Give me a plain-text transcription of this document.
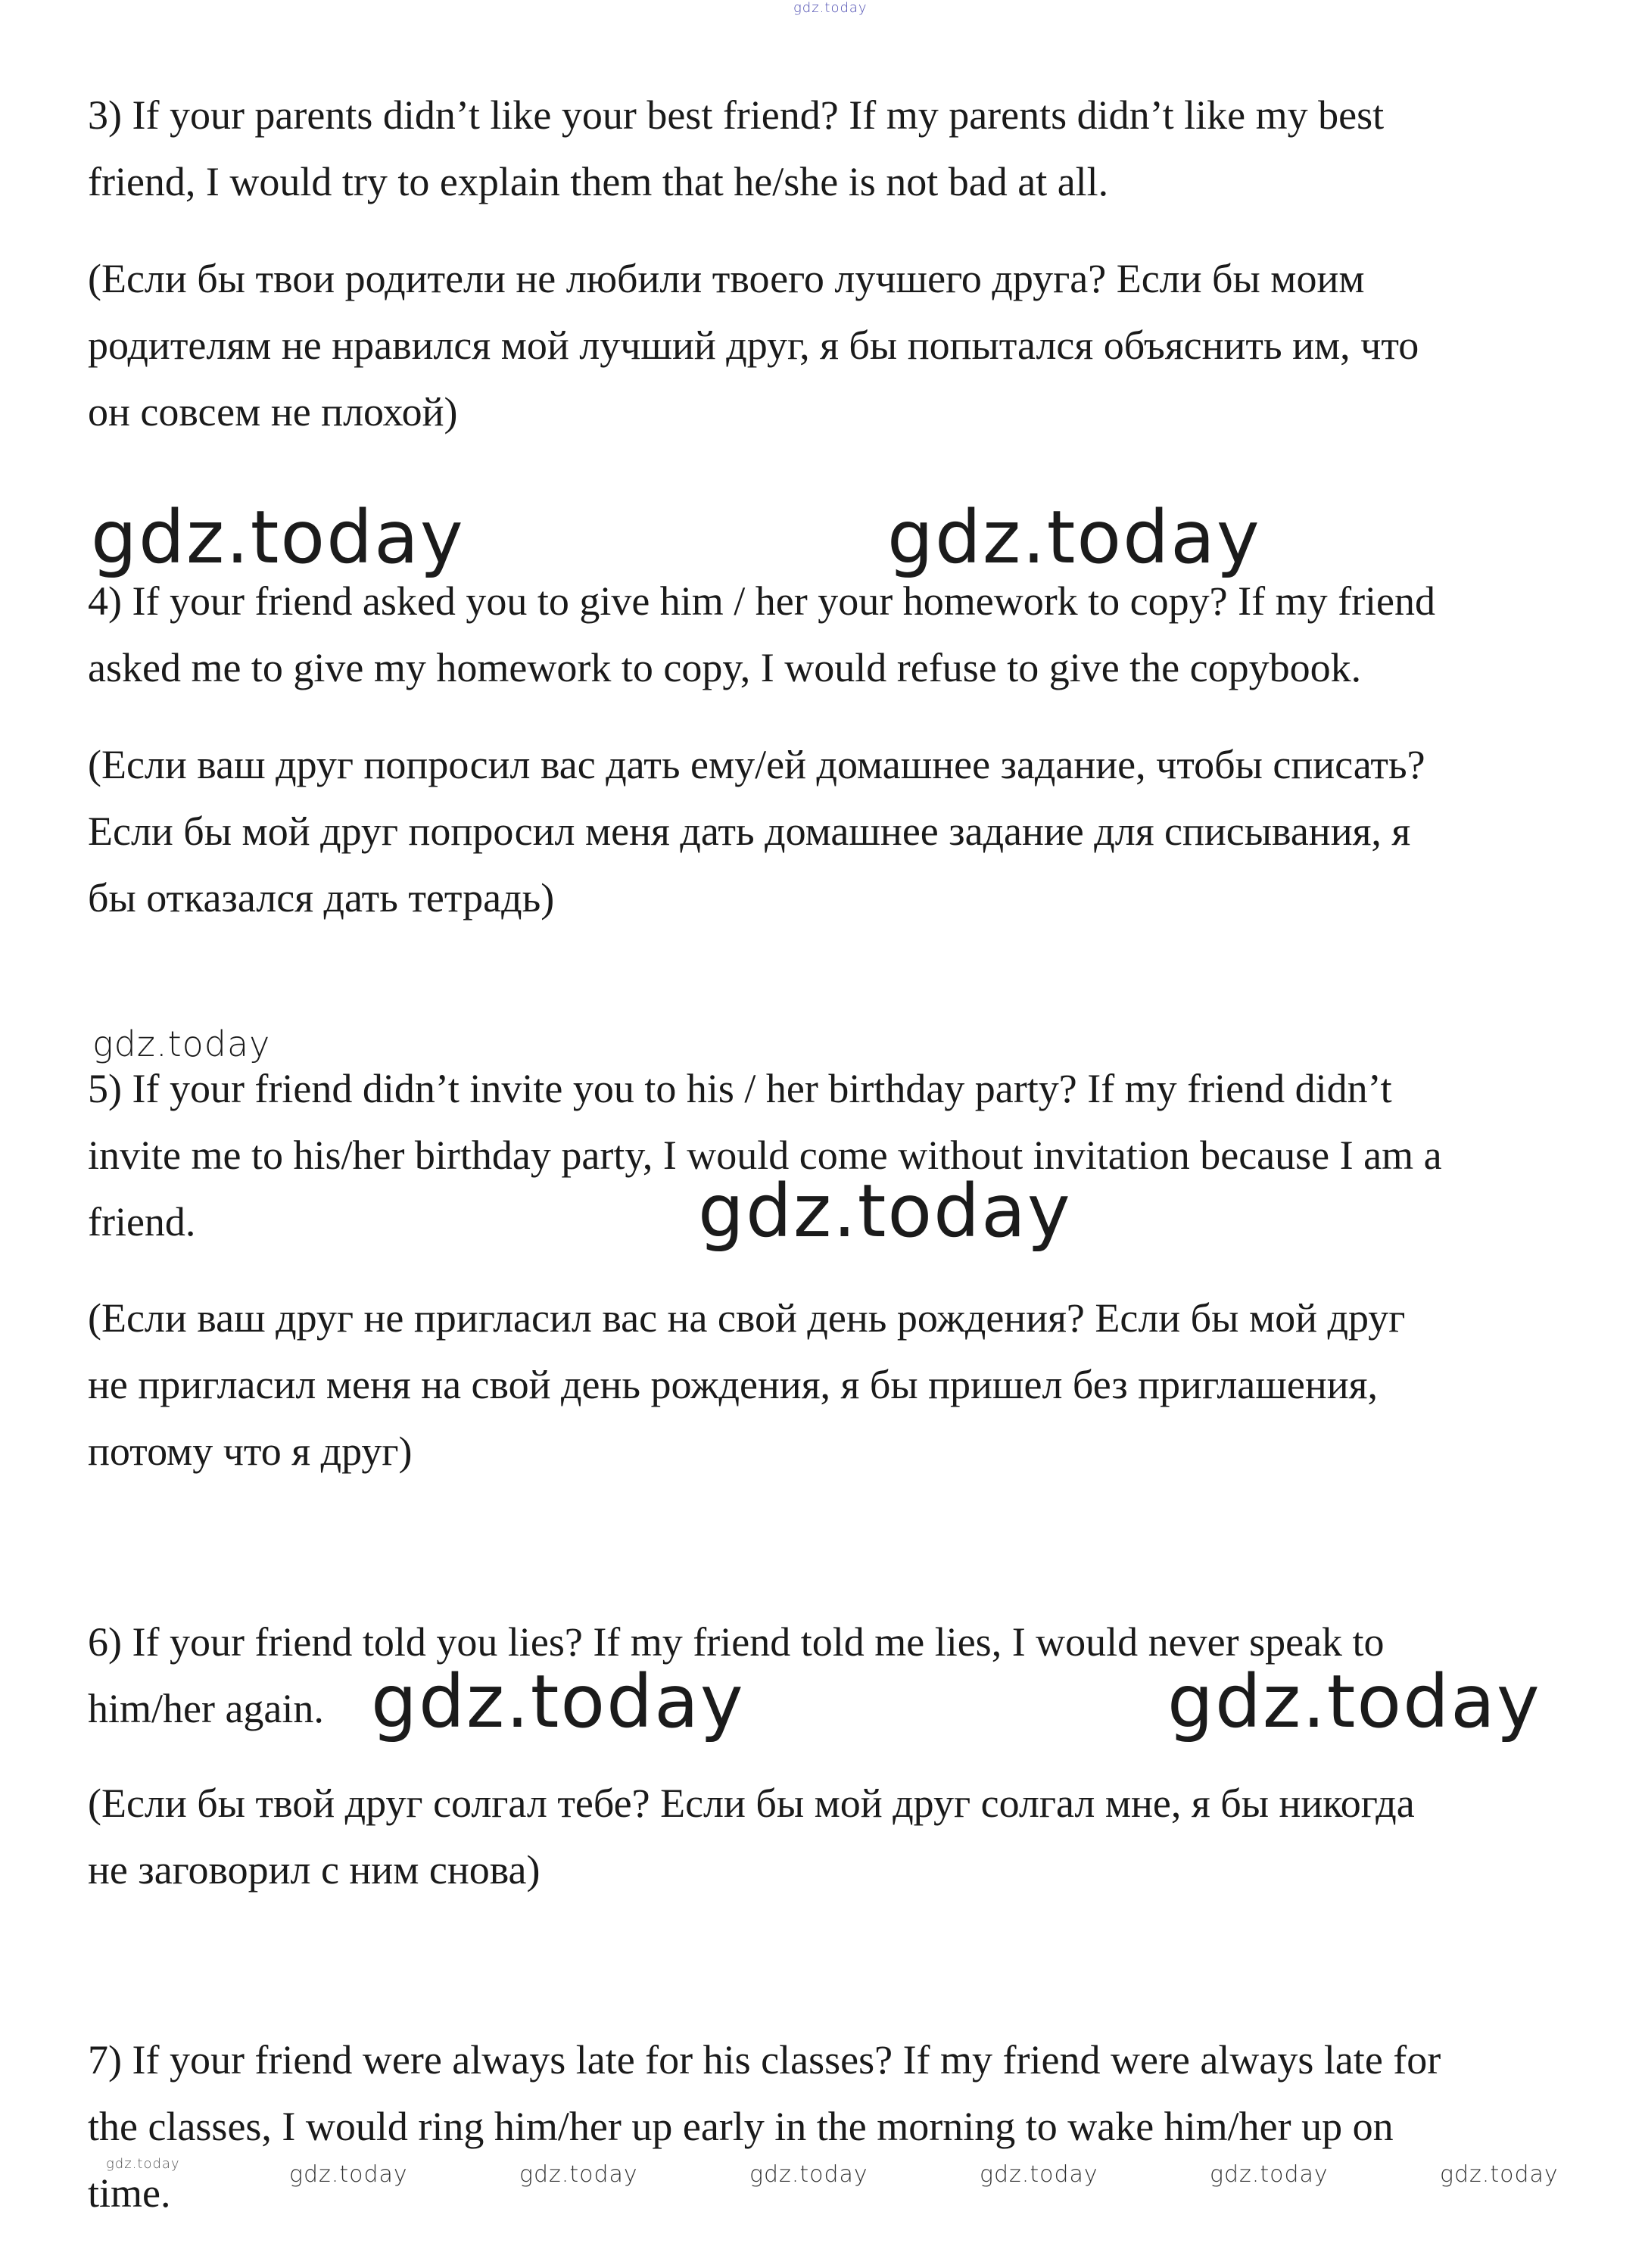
gdz.today

3) If your parents didn’t like your best friend? If my parents didn’t like my best
friend, I would try to explain them that he/she is not bad at all.

(Если бы твои родители не любили твоего лучшего друга? Если бы моим
родителям не нравился мой лучший друг, я бы попытался объяснить им, что
он совсем не плохой)

gdz.today	gdz.today

4) If your friend asked you to give him / her your homework to copy? If my friend
asked me to give my homework to copy, I would refuse to give the copybook.

(Если ваш друг попросил вас дать ему/ей домашнее задание, чтобы списать?
Если бы мой друг попросил меня дать домашнее задание для списывания, я
бы отказался дать тетрадь)

gdz.today

5) If your friend didn’t invite you to his / her birthday party? If my friend didn’t
invite me to his/her birthday party, I would come without invitation because I am a
friend.	gdz.today

(Если ваш друг не пригласил вас на свой день рождения? Если бы мой друг
не пригласил меня на свой день рождения, я бы пришел без приглашения,
потому что я друг)

6) If your friend told you lies? If my friend told me lies, I would never speak to
him/her again. gdz.today	gdz.today

(Если бы твой друг солгал тебе? Если бы мой друг солгал мне, я бы никогда
не заговорил с ним снова)

7) If your friend were always late for his classes? If my friend were always late for
the classes, I would ring him/her up early in the morning to wake him/her up on
time.

gdz.today	gdz.today	gdz.today	gdz.today	gdz.today	gdz.today	gdz.today
